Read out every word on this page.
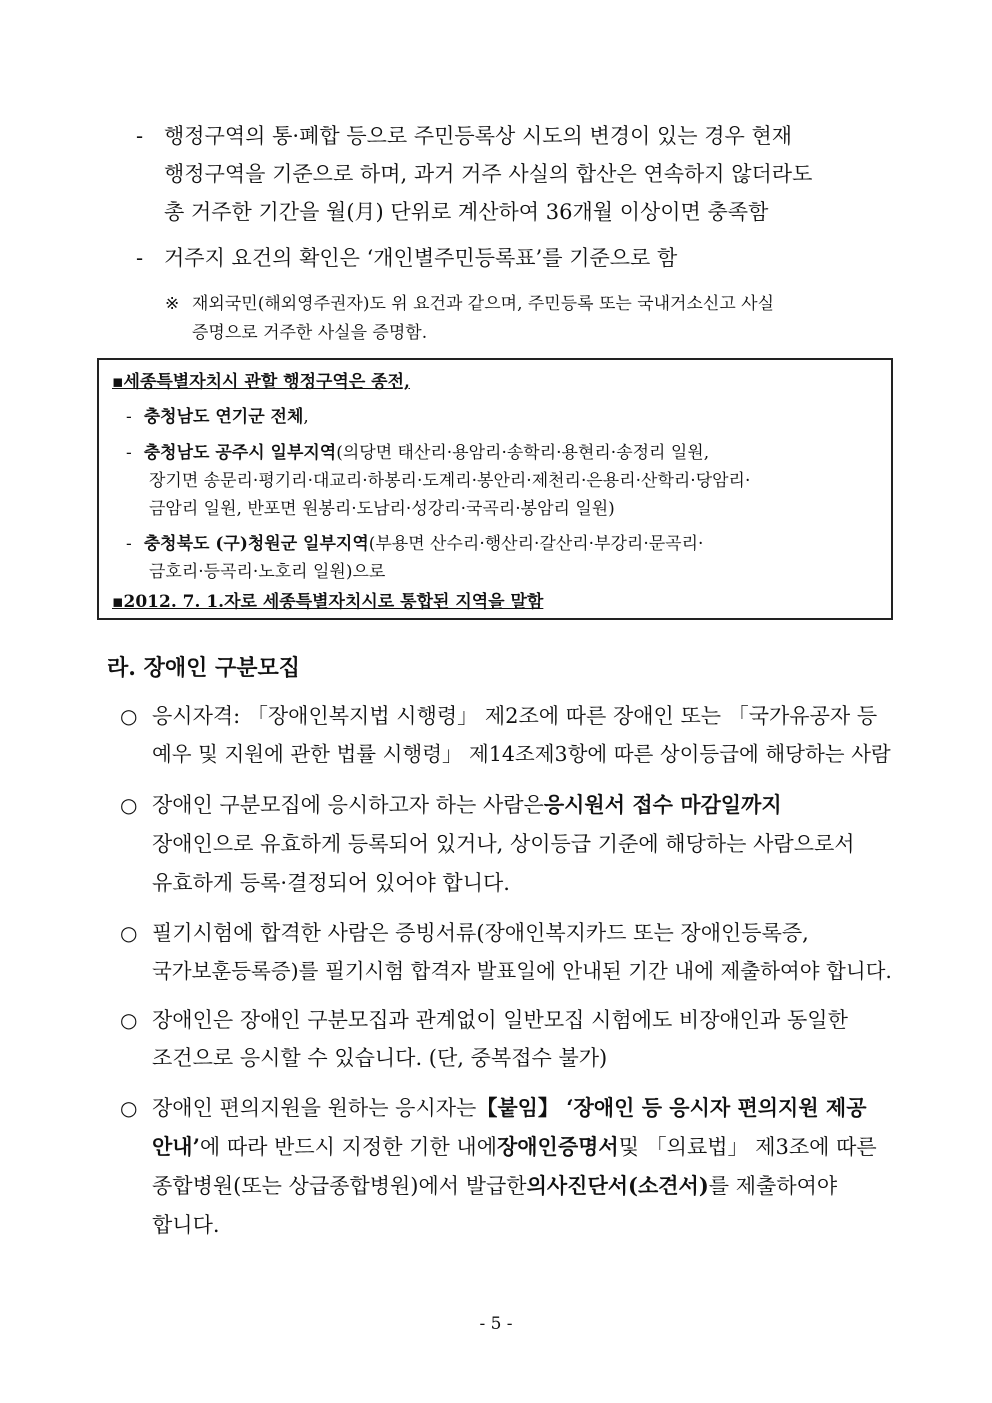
- 행정구역의 통·폐합 등으로 주민등록상 시도의 변경이 있는 경우 현재
행정구역을 기준으로 하며, 과거 거주 사실의 합산은 연속하지 않더라도
총 거주한 기간을 월(月) 단위로 계산하여 36개월 이상이면 충족함
- 거주지 요건의 확인은 ‘개인별주민등록표’를 기준으로 함
※ 재외국민(해외영주권자)도 위 요건과 같으며, 주민등록 또는 국내거소신고 사실
증명으로 거주한 사실을 증명함.
▪세종특별자치시 관할 행정구역은 종전,
- 충청남도 연기군 전체 ,
- 충청남도 공주시 일부지역 (의당면 태산리·용암리·송학리·용현리·송정리 일원,
장기면 송문리·평기리·대교리·하봉리·도계리·봉안리·제천리·은용리·산학리·당암리·
금암리 일원, 반포면 원봉리·도남리·성강리·국곡리·봉암리 일원)
- 충청북도 (구)청원군 일부지역 (부용면 산수리·행산리·갈산리·부강리·문곡리·
금호리·등곡리·노호리 일원)으로
▪2012. 7. 1.자로 세종특별자치시로 통합된 지역을 말함
라. 장애인 구분모집
○ 응시자격: 「장애인복지법 시행령」 제2조에 따른 장애인 또는 「국가유공자 등
예우 및 지원에 관한 법률 시행령」 제14조제3항에 따른 상이등급에 해당하는 사람
○ 장애인 구분모집에 응시하고자 하는 사람은 응시원서 접수 마감일까지
장애인으로 유효하게 등록되어 있거나, 상이등급 기준에 해당하는 사람으로서
유효하게 등록·결정되어 있어야 합니다.
○ 필기시험에 합격한 사람은 증빙서류(장애인복지카드 또는 장애인등록증,
국가보훈등록증)를 필기시험 합격자 발표일에 안내된 기간 내에 제출하여야 합니다.
○ 장애인은 장애인 구분모집과 관계없이 일반모집 시험에도 비장애인과 동일한
조건으로 응시할 수 있습니다. (단, 중복접수 불가)
○ 장애인 편의지원을 원하는 응시자는 【붙임】 ‘장애인 등 응시자 편의지원 제공
안내’ 에 따라 반드시 지정한 기한 내에 장애인증명서 및 「의료법」 제3조에 따른
종합병원(또는 상급종합병원)에서 발급한 의사진단서(소견서) 를 제출하여야
합니다.
- 5 -
